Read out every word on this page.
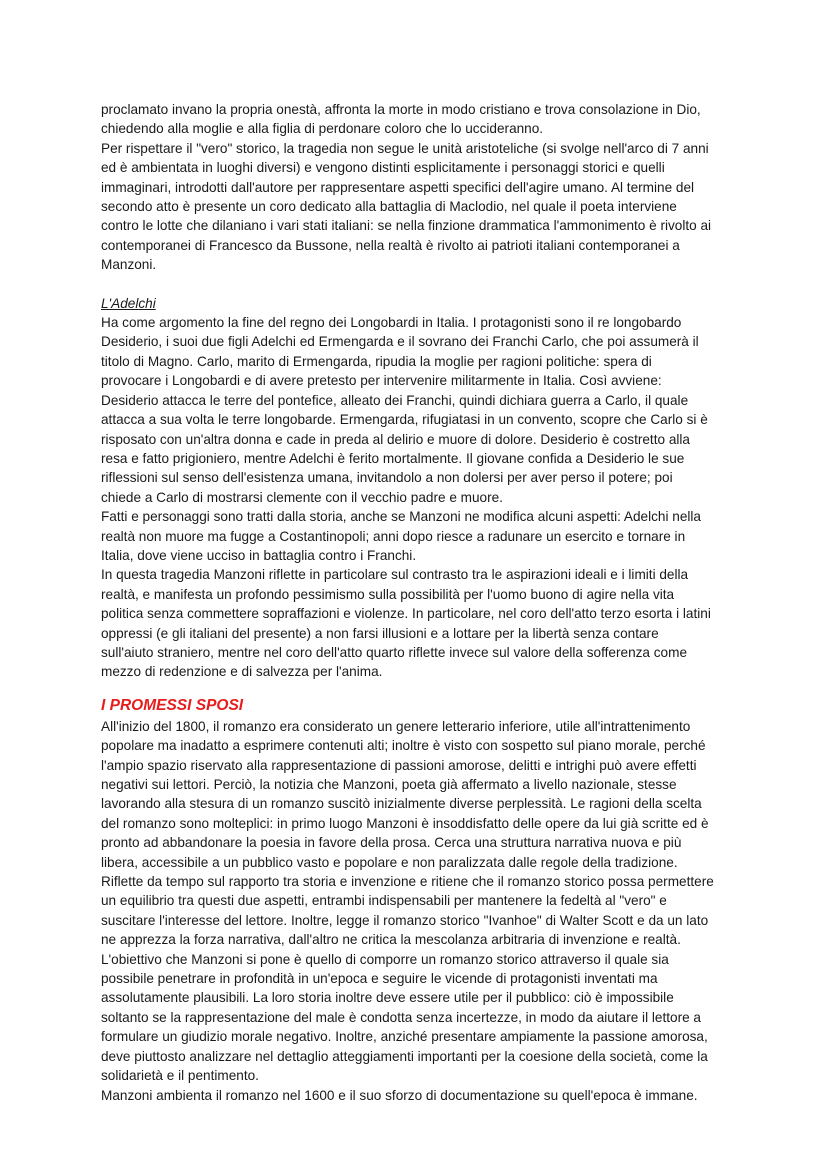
proclamato invano la propria onestà, affronta la morte in modo cristiano e trova consolazione in Dio,
chiedendo alla moglie e alla figlia di perdonare coloro che lo uccideranno.
Per rispettare il "vero" storico, la tragedia non segue le unità aristoteliche (si svolge nell'arco di 7 anni
ed è ambientata in luoghi diversi) e vengono distinti esplicitamente i personaggi storici e quelli
immaginari, introdotti dall'autore per rappresentare aspetti specifici dell'agire umano. Al termine del
secondo atto è presente un coro dedicato alla battaglia di Maclodio, nel quale il poeta interviene
contro le lotte che dilaniano i vari stati italiani: se nella finzione drammatica l'ammonimento è rivolto ai
contemporanei di Francesco da Bussone, nella realtà è rivolto ai patrioti italiani contemporanei a
Manzoni.
L'Adelchi
Ha come argomento la fine del regno dei Longobardi in Italia. I protagonisti sono il re longobardo
Desiderio, i suoi due figli Adelchi ed Ermengarda e il sovrano dei Franchi Carlo, che poi assumerà il
titolo di Magno. Carlo, marito di Ermengarda, ripudia la moglie per ragioni politiche: spera di
provocare i Longobardi e di avere pretesto per intervenire militarmente in Italia. Così avviene:
Desiderio attacca le terre del pontefice, alleato dei Franchi, quindi dichiara guerra a Carlo, il quale
attacca a sua volta le terre longobarde. Ermengarda, rifugiatasi in un convento, scopre che Carlo si è
risposato con un'altra donna e cade in preda al delirio e muore di dolore. Desiderio è costretto alla
resa e fatto prigioniero, mentre Adelchi è ferito mortalmente. Il giovane confida a Desiderio le sue
riflessioni sul senso dell'esistenza umana, invitandolo a non dolersi per aver perso il potere; poi
chiede a Carlo di mostrarsi clemente con il vecchio padre e muore.
Fatti e personaggi sono tratti dalla storia, anche se Manzoni ne modifica alcuni aspetti: Adelchi nella
realtà non muore ma fugge a Costantinopoli; anni dopo riesce a radunare un esercito e tornare in
Italia, dove viene ucciso in battaglia contro i Franchi.
In questa tragedia Manzoni riflette in particolare sul contrasto tra le aspirazioni ideali e i limiti della
realtà, e manifesta un profondo pessimismo sulla possibilità per l'uomo buono di agire nella vita
politica senza commettere sopraffazioni e violenze. In particolare, nel coro dell'atto terzo esorta i latini
oppressi (e gli italiani del presente) a non farsi illusioni e a lottare per la libertà senza contare
sull'aiuto straniero, mentre nel coro dell'atto quarto riflette invece sul valore della sofferenza come
mezzo di redenzione e di salvezza per l'anima.
I PROMESSI SPOSI
All'inizio del 1800, il romanzo era considerato un genere letterario inferiore, utile all'intrattenimento
popolare ma inadatto a esprimere contenuti alti; inoltre è visto con sospetto sul piano morale, perché
l'ampio spazio riservato alla rappresentazione di passioni amorose, delitti e intrighi può avere effetti
negativi sui lettori. Perciò, la notizia che Manzoni, poeta già affermato a livello nazionale, stesse
lavorando alla stesura di un romanzo suscitò inizialmente diverse perplessità. Le ragioni della scelta
del romanzo sono molteplici: in primo luogo Manzoni è insoddisfatto delle opere da lui già scritte ed è
pronto ad abbandonare la poesia in favore della prosa. Cerca una struttura narrativa nuova e più
libera, accessibile a un pubblico vasto e popolare e non paralizzata dalle regole della tradizione.
Riflette da tempo sul rapporto tra storia e invenzione e ritiene che il romanzo storico possa permettere
un equilibrio tra questi due aspetti, entrambi indispensabili per mantenere la fedeltà al "vero" e
suscitare l'interesse del lettore. Inoltre, legge il romanzo storico "Ivanhoe" di Walter Scott e da un lato
ne apprezza la forza narrativa, dall'altro ne critica la mescolanza arbitraria di invenzione e realtà.
L'obiettivo che Manzoni si pone è quello di comporre un romanzo storico attraverso il quale sia
possibile penetrare in profondità in un'epoca e seguire le vicende di protagonisti inventati ma
assolutamente plausibili. La loro storia inoltre deve essere utile per il pubblico: ciò è impossibile
soltanto se la rappresentazione del male è condotta senza incertezze, in modo da aiutare il lettore a
formulare un giudizio morale negativo. Inoltre, anziché presentare ampiamente la passione amorosa,
deve piuttosto analizzare nel dettaglio atteggiamenti importanti per la coesione della società, come la
solidarietà e il pentimento.
Manzoni ambienta il romanzo nel 1600 e il suo sforzo di documentazione su quell'epoca è immane.
